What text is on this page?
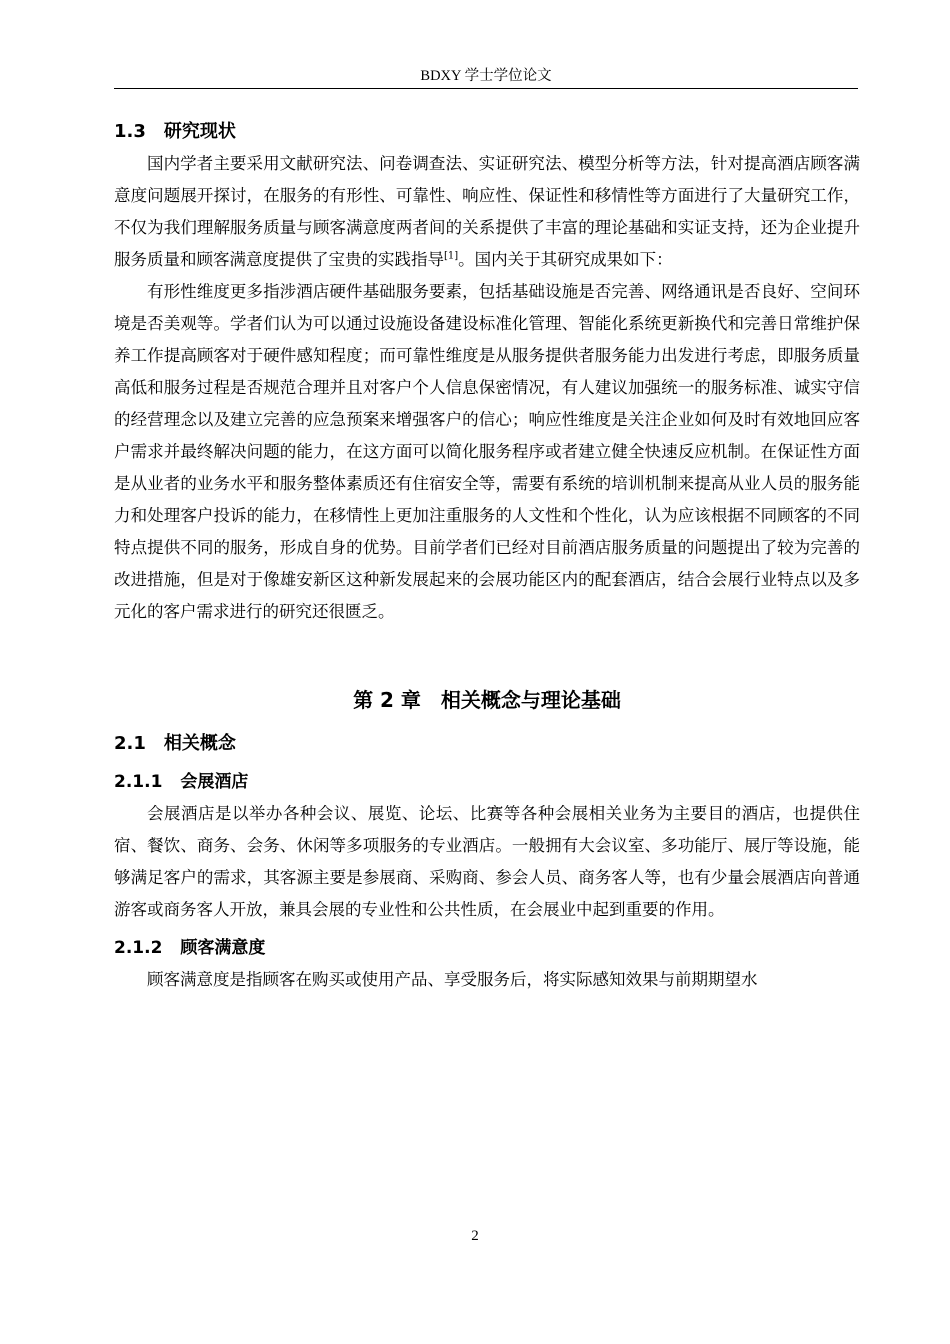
BDXY 学士学位论文
1.3 研究现状

国内学者主要采用文献研究法、问卷调查法、实证研究法、模型分析等方法，针对提高酒店顾客满意度问题展开探讨，在服务的有形性、可靠性、响应性、保证性和移情性等方面进行了大量研究工作，不仅为我们理解服务质量与顾客满意度两者间的关系提供了丰富的理论基础和实证支持，还为企业提升服务质量和顾客满意度提供了宝贵的实践指导[1]。国内关于其研究成果如下：

有形性维度更多指涉酒店硬件基础服务要素，包括基础设施是否完善、网络通讯是否良好、空间环境是否美观等。学者们认为可以通过设施设备建设标准化管理、智能化系统更新换代和完善日常维护保养工作提高顾客对于硬件感知程度；而可靠性维度是从服务提供者服务能力出发进行考虑，即服务质量高低和服务过程是否规范合理并且对客户个人信息保密情况，有人建议加强统一的服务标准、诚实守信的经营理念以及建立完善的应急预案来增强客户的信心；响应性维度是关注企业如何及时有效地回应客户需求并最终解决问题的能力，在这方面可以简化服务程序或者建立健全快速反应机制。在保证性方面是从业者的业务水平和服务整体素质还有住宿安全等，需要有系统的培训机制来提高从业人员的服务能力和处理客户投诉的能力，在移情性上更加注重服务的人文性和个性化，认为应该根据不同顾客的不同特点提供不同的服务，形成自身的优势。目前学者们已经对目前酒店服务质量的问题提出了较为完善的改进措施，但是对于像雄安新区这种新发展起来的会展功能区内的配套酒店，结合会展行业特点以及多元化的客户需求进行的研究还很匮乏。

第 2 章 相关概念与理论基础
2.1 相关概念
2.1.1 会展酒店

会展酒店是以举办各种会议、展览、论坛、比赛等各种会展相关业务为主要目的酒店，也提供住宿、餐饮、商务、会务、休闲等多项服务的专业酒店。一般拥有大会议室、多功能厅、展厅等设施，能够满足客户的需求，其客源主要是参展商、采购商、参会人员、商务客人等，也有少量会展酒店向普通游客或商务客人开放，兼具会展的专业性和公共性质，在会展业中起到重要的作用。

2.1.2 顾客满意度

顾客满意度是指顾客在购买或使用产品、享受服务后，将实际感知效果与前期期望水

2
